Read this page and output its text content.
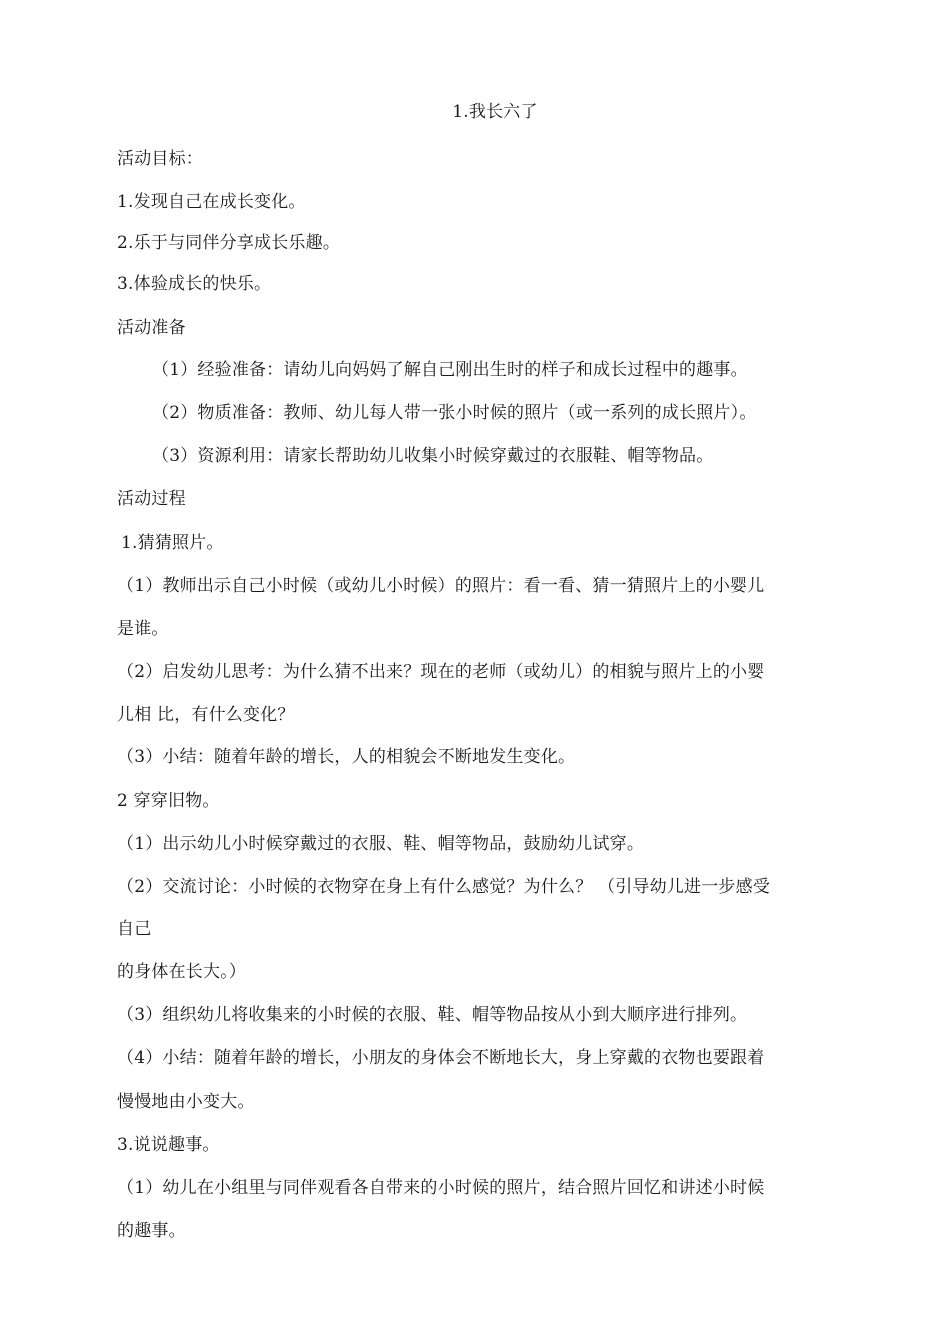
1.我长六了
活动目标：
1.发现自己在成长变化。
2.乐于与同伴分享成长乐趣。
3.体验成长的快乐。
活动准备
（1）经验准备：请幼儿向妈妈了解自己刚出生时的样子和成长过程中的趣事。
（2）物质准备：教师、幼儿每人带一张小时候的照片（或一系列的成长照片）。
（3）资源利用：请家长帮助幼儿收集小时候穿戴过的衣服鞋、帽等物品。
活动过程
1.猜猜照片。
（1）教师出示自己小时候（或幼儿小时候）的照片：看一看、猜一猜照片上的小婴儿
是谁。
（2）启发幼儿思考：为什么猜不出来？现在的老师（或幼儿）的相貌与照片上的小婴
儿相 比，有什么变化？
（3）小结：随着年龄的增长，人的相貌会不断地发生变化。
2 穿穿旧物。
（1）出示幼儿小时候穿戴过的衣服、鞋、帽等物品，鼓励幼儿试穿。
（2）交流讨论：小时候的衣物穿在身上有什么感觉？为什么？ （引导幼儿进一步感受
自己
的身体在长大。）
（3）组织幼儿将收集来的小时候的衣服、鞋、帽等物品按从小到大顺序进行排列。
（4）小结：随着年龄的增长，小朋友的身体会不断地长大，身上穿戴的衣物也要跟着
慢慢地由小变大。
3.说说趣事。
（1）幼儿在小组里与同伴观看各自带来的小时候的照片，结合照片回忆和讲述小时候
的趣事。
